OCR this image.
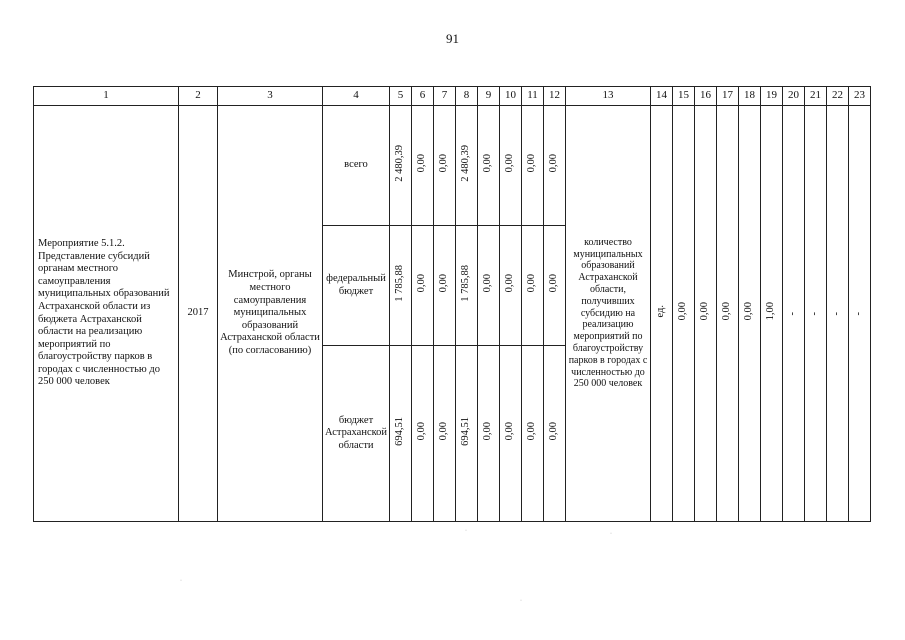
91
1	2	3	4	5	6	7	8	9	10	11	12	13	14	15	16	17	18	19	20	21	22	23
Мероприятие 5.1.2. Представление субсидий органам местного самоуправления муниципальных образований Астраханской области из бюджета Астраханской области на реализацию мероприятий по благоустройству парков в городах с численностью до 250 000 человек	2017	Минстрой, органы местного самоуправления муниципальных образований Астраханской области (по согласованию)	всего	2 480,39	0,00	0,00	2 480,39	0,00	0,00	0,00	0,00	количество муниципальных образований Астраханской области, получивших субсидию на реализацию мероприятий по благоустройству парков в городах с численностью до 250 000 человек	ед.	0,00	0,00	0,00	0,00	1,00	-	-	-	-
			федеральный бюджет	1 785,88	0,00	0,00	1 785,88	0,00	0,00	0,00	0,00											
			бюджет Астраханской области	694,51	0,00	0,00	694,51	0,00	0,00	0,00	0,00											
·	·
·
·
